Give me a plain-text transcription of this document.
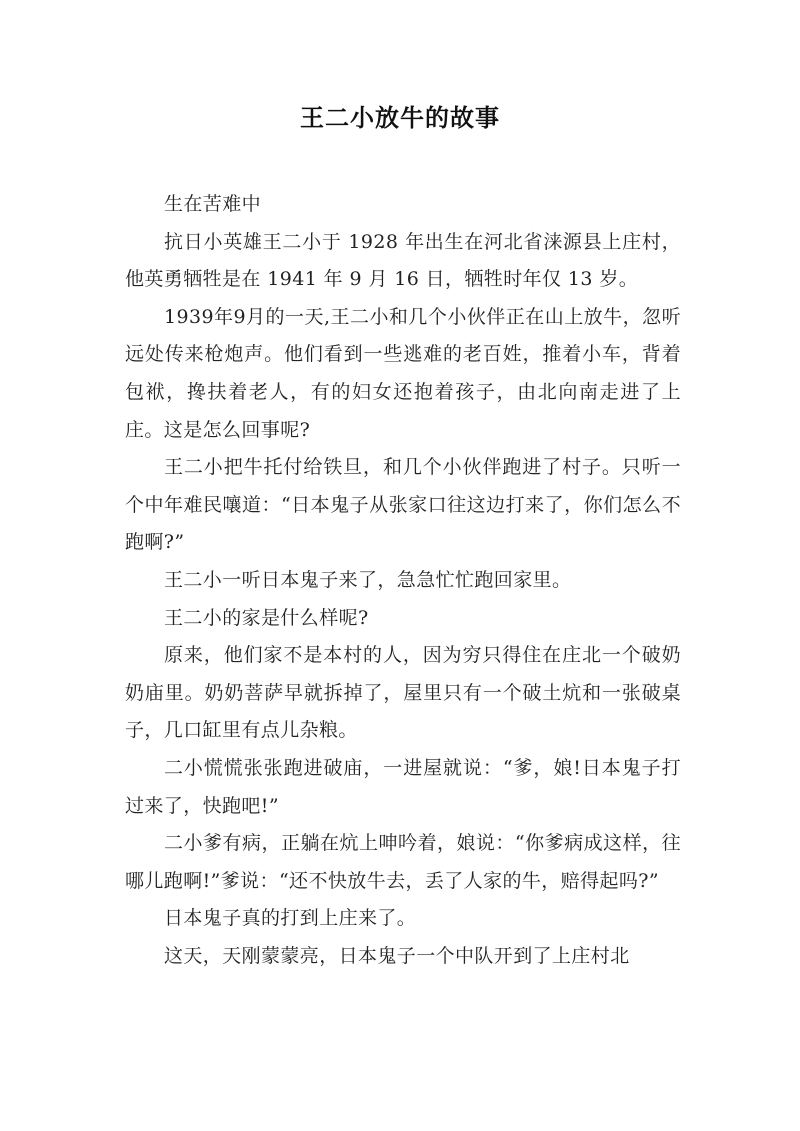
王二小放牛的故事

生在苦难中

抗日小英雄王二小于 1928 年出生在河北省涞源县上庄村，他英勇牺牲是在 1941 年 9 月 16 日，牺牲时年仅 13 岁。

1939年9月的一天,王二小和几个小伙伴正在山上放牛，忽听远处传来枪炮声。他们看到一些逃难的老百姓，推着小车，背着包袱，搀扶着老人，有的妇女还抱着孩子，由北向南走进了上庄。这是怎么回事呢?

王二小把牛托付给铁旦，和几个小伙伴跑进了村子。只听一个中年难民嚷道：“日本鬼子从张家口往这边打来了，你们怎么不跑啊?”

王二小一听日本鬼子来了，急急忙忙跑回家里。

王二小的家是什么样呢?

原来，他们家不是本村的人，因为穷只得住在庄北一个破奶奶庙里。奶奶菩萨早就拆掉了，屋里只有一个破土炕和一张破桌子，几口缸里有点儿杂粮。

二小慌慌张张跑进破庙，一进屋就说：“爹，娘!日本鬼子打过来了，快跑吧!”

二小爹有病，正躺在炕上呻吟着，娘说：“你爹病成这样，往哪儿跑啊!”爹说：“还不快放牛去，丢了人家的牛，赔得起吗?”

日本鬼子真的打到上庄来了。

这天，天刚蒙蒙亮，日本鬼子一个中队开到了上庄村北
